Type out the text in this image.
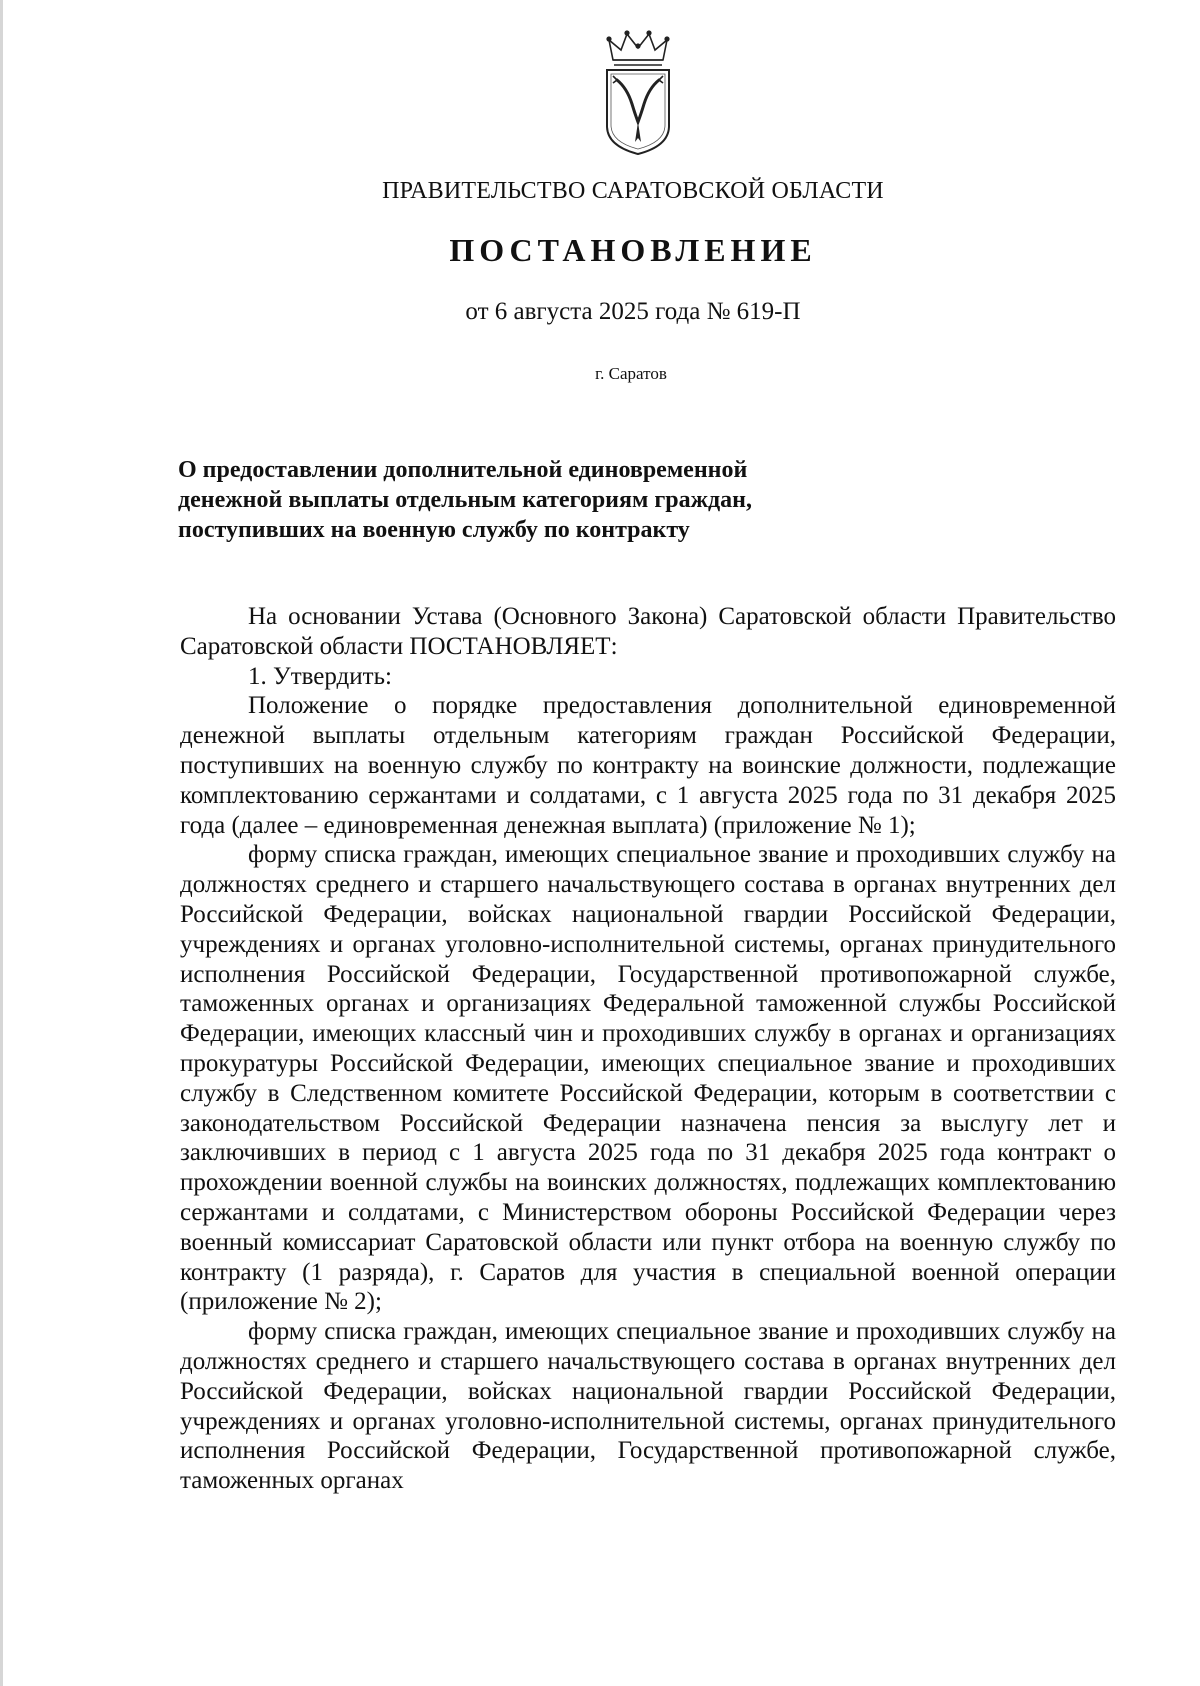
ПРАВИТЕЛЬСТВО САРАТОВСКОЙ ОБЛАСТИ
ПОСТАНОВЛЕНИЕ
от 6 августа 2025 года № 619-П
г. Саратов
О предоставлении дополнительной единовременной
денежной выплаты отдельным категориям граждан,
поступивших на военную службу по контракту

На основании Устава (Основного Закона) Саратовской области Правительство Саратовской области ПОСТАНОВЛЯЕТ:

1. Утвердить:

Положение о порядке предоставления дополнительной единовременной денежной выплаты отдельным категориям граждан Российской Федерации, поступивших на военную службу по контракту на воинские должности, подлежащие комплектованию сержантами и солдатами, с 1 августа 2025 года по 31 декабря 2025 года (далее – единовременная денежная выплата) (приложение № 1);

форму списка граждан, имеющих специальное звание и проходивших службу на должностях среднего и старшего начальствующего состава в органах внутренних дел Российской Федерации, войсках национальной гвардии Российской Федерации, учреждениях и органах уголовно-исполнительной системы, органах принудительного исполнения Российской Федерации, Государственной противопожарной службе, таможенных органах и организациях Федеральной таможенной службы Российской Федерации, имеющих классный чин и проходивших службу в органах и организациях прокуратуры Российской Федерации, имеющих специальное звание и проходивших службу в Следственном комитете Российской Федерации, которым в соответствии с законодательством Российской Федерации назначена пенсия за выслугу лет и заключивших в период с 1 августа 2025 года по 31 декабря 2025 года контракт о прохождении военной службы на воинских должностях, подлежащих комплектованию сержантами и солдатами, с Министерством обороны Российской Федерации через военный комиссариат Саратовской области или пункт отбора на военную службу по контракту (1 разряда), г. Саратов для участия в специальной военной операции (приложение № 2);

форму списка граждан, имеющих специальное звание и проходивших службу на должностях среднего и старшего начальствующего состава в органах внутренних дел Российской Федерации, войсках национальной гвардии Российской Федерации, учреждениях и органах уголовно-исполнительной системы, органах принудительного исполнения Российской Федерации, Государственной противопожарной службе, таможенных органах
